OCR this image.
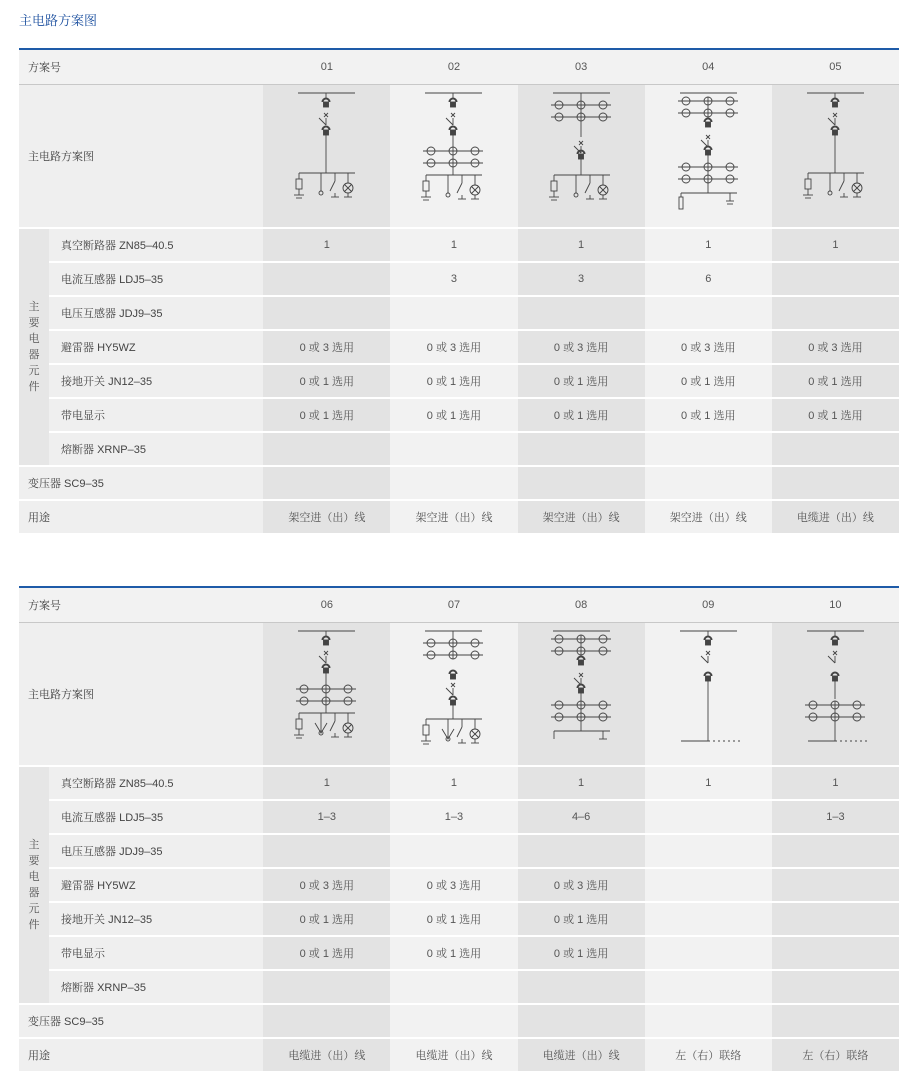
主电路方案图
方案号		01	02	03	04	05
主电路方案图	

主要电器元件	真空断路器 ZN85–40.5	1	1	1	1	1
	电流互感器 LDJ5–35		3	3	6	
	电压互感器 JDJ9–35					
	避雷器 HY5WZ	0 或 3 选用	0 或 3 选用	0 或 3 选用	0 或 3 选用	0 或 3 选用
	接地开关 JN12–35	0 或 1 选用	0 或 1 选用	0 或 1 选用	0 或 1 选用	0 或 1 选用
	带电显示	0 或 1 选用	0 或 1 选用	0 或 1 选用	0 或 1 选用	0 或 1 选用
	熔断器 XRNP–35					
变压器 SC9–35						
用途		架空进（出）线	架空进（出）线	架空进（出）线	架空进（出）线	电缆进（出）线
方案号		06	07	08	09	10
主电路方案图	

主要电器元件	真空断路器 ZN85–40.5	1	1	1	1	1
	电流互感器 LDJ5–35	1–3	1–3	4–6		1–3
	电压互感器 JDJ9–35					
	避雷器 HY5WZ	0 或 3 选用	0 或 3 选用	0 或 3 选用		
	接地开关 JN12–35	0 或 1 选用	0 或 1 选用	0 或 1 选用		
	带电显示	0 或 1 选用	0 或 1 选用	0 或 1 选用		
	熔断器 XRNP–35					
变压器 SC9–35						
用途		电缆进（出）线	电缆进（出）线	电缆进（出）线	左（右）联络	左（右）联络
